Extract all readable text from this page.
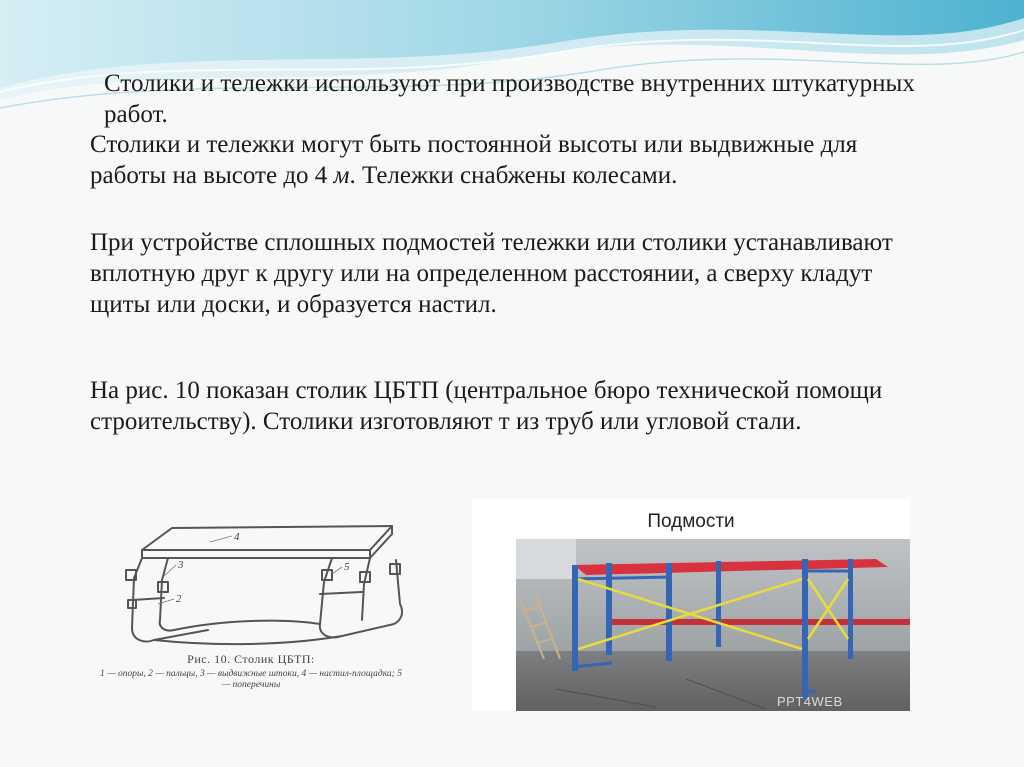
Столики и тележки используют при производстве внутренних штукатурных работ.

Столики и тележки могут быть постоянной высоты или выдвижные для работы на высоте до 4 м. Тележки снабжены колесами.

При устройстве сплошных подмостей тележки или столики устанавливают вплотную друг к другу или на определенном расстоянии, а сверху кладут щиты или доски, и образуется настил.

На рис. 10 показан столик ЦБТП (центральное бюро технической помощи строительству). Столики изготовляют т из труб или угловой стали.

4
3	5
2
Рис. 10. Столик ЦБТП:
1 — опоры, 2 — пальцы, 3 — выдвижные штоки, 4 — настил-площадка; 5 — поперечины
Подмости
PPT4WEB
